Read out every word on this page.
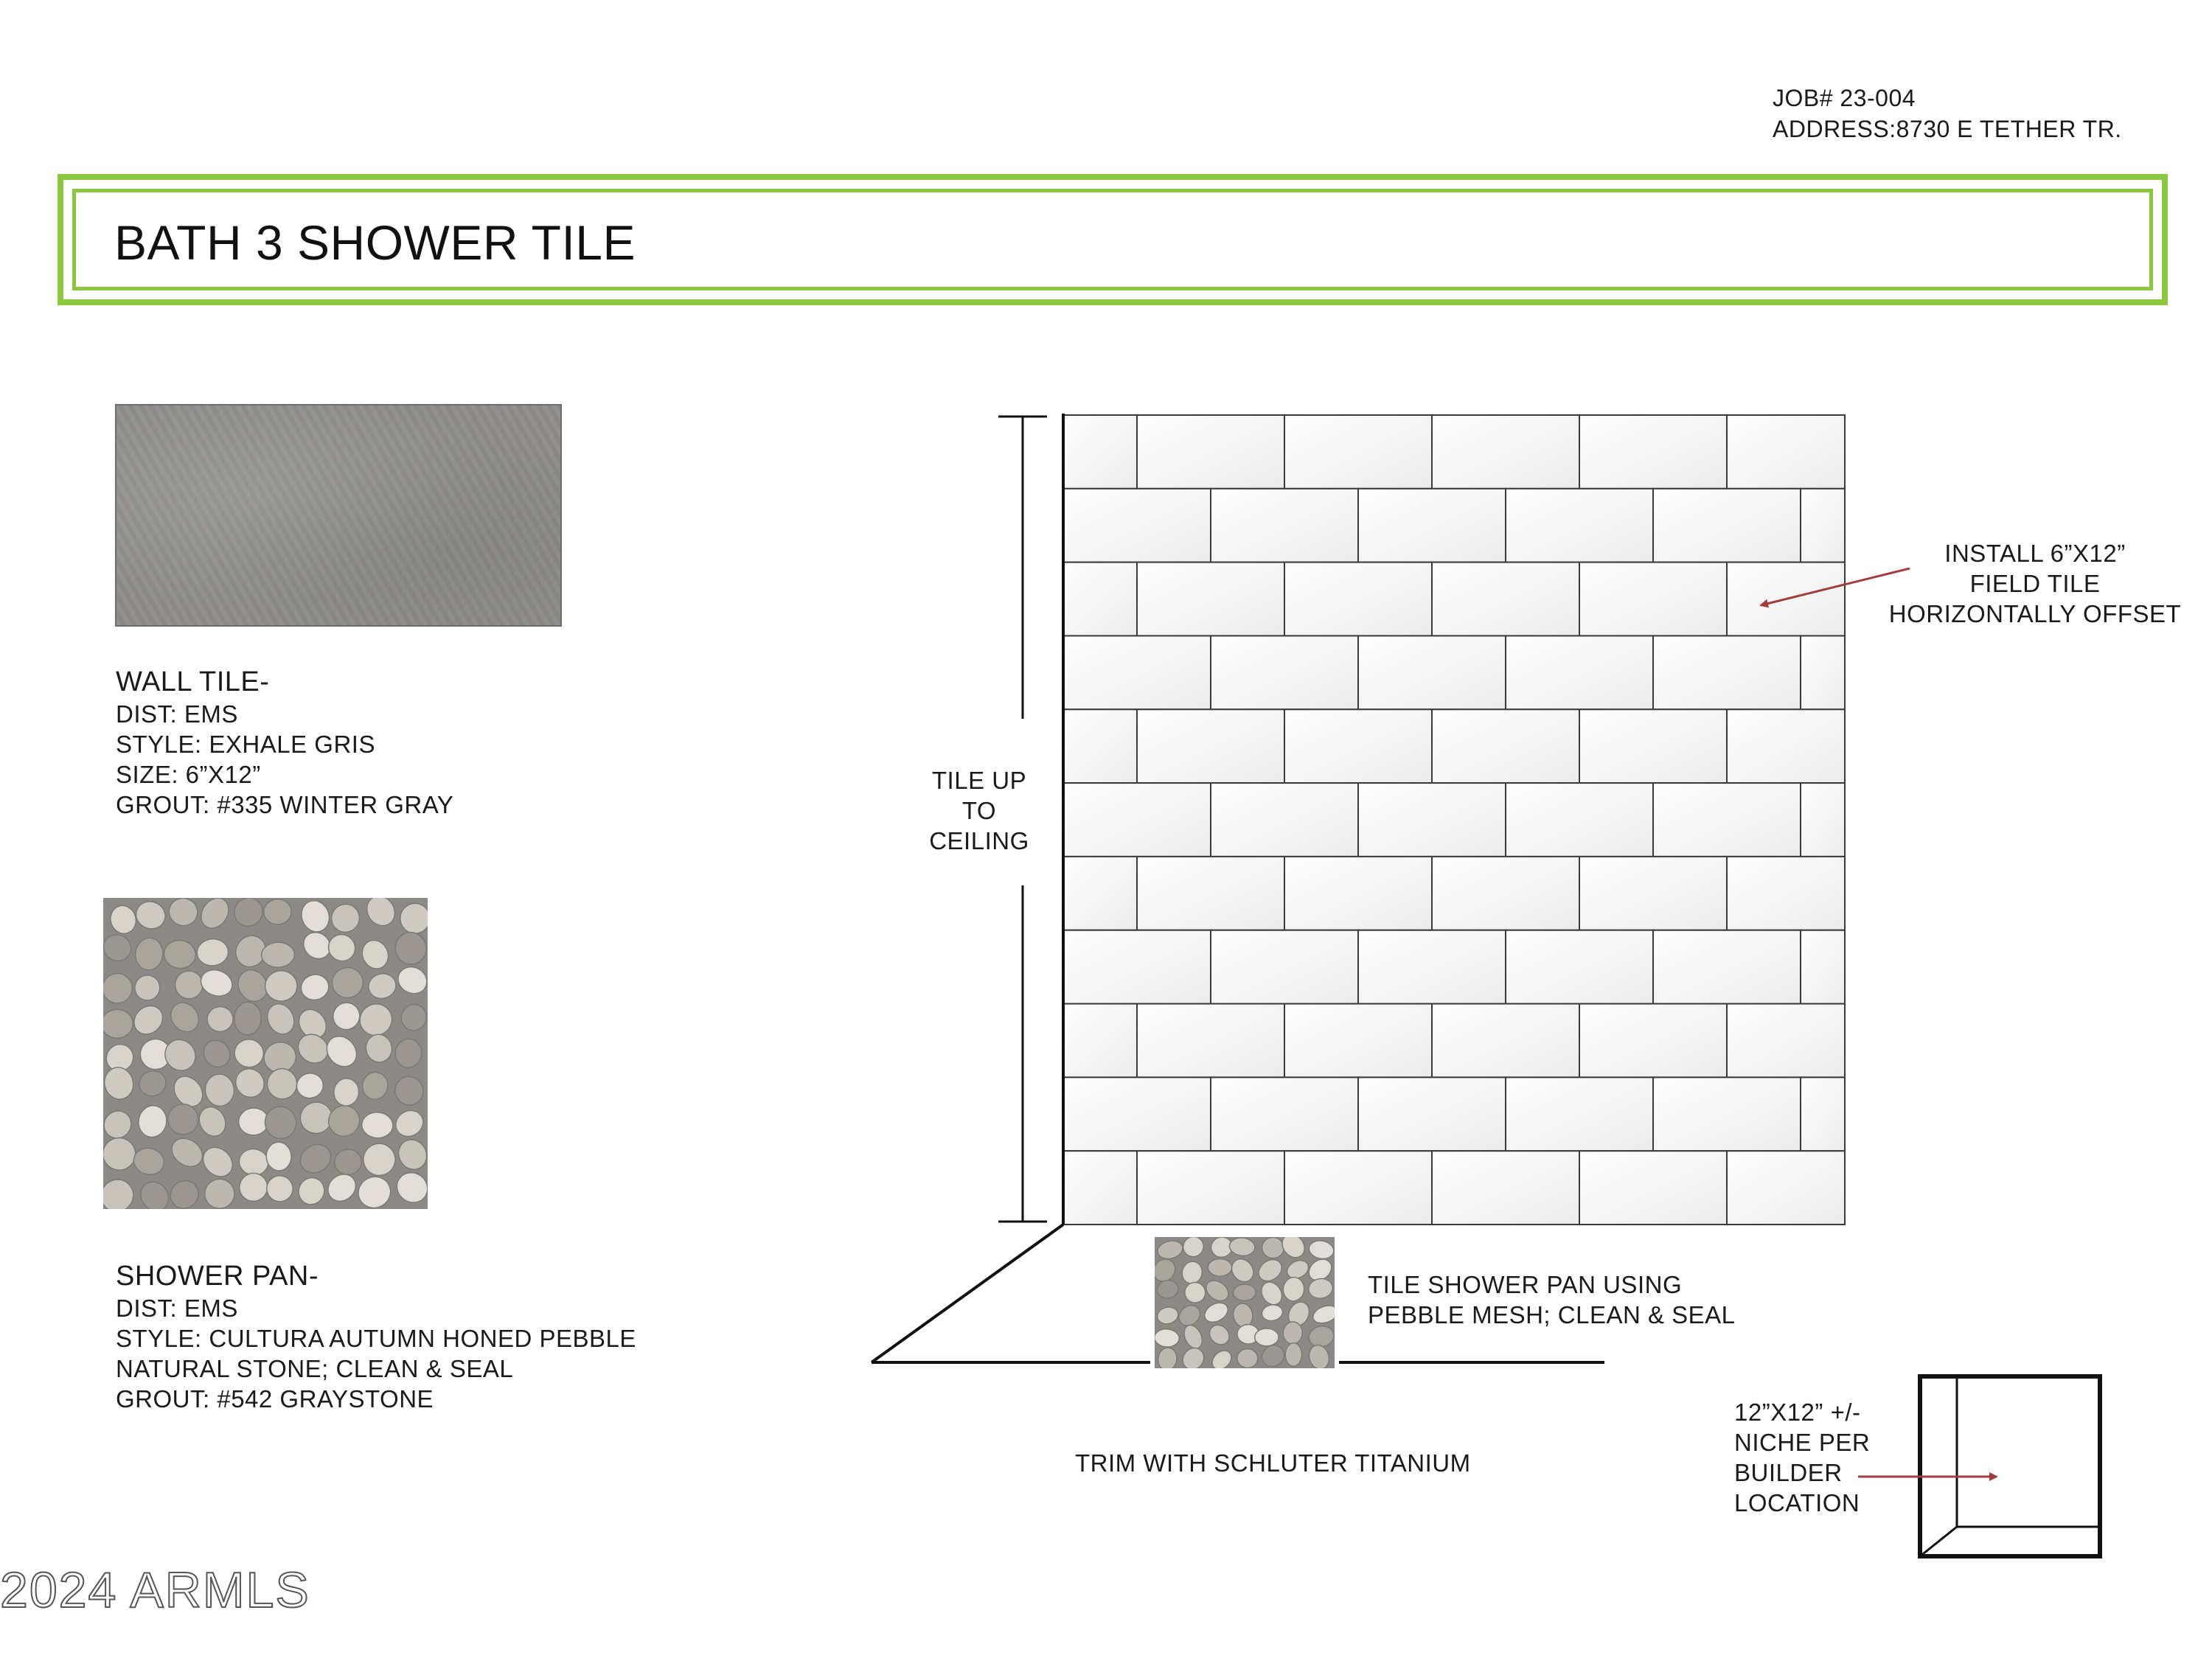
JOB# 23-004
ADDRESS:8730 E TETHER TR.
BATH 3 SHOWER TILE
WALL TILE-
DIST: EMS
STYLE: EXHALE GRIS
SIZE: 6”X12”
GROUT: #335 WINTER GRAY
SHOWER PAN-
DIST: EMS
STYLE: CULTURA AUTUMN HONED PEBBLE
NATURAL STONE; CLEAN & SEAL
GROUT: #542 GRAYSTONE
TILE UP
TO
CEILING
INSTALL 6”X12”
FIELD TILE
HORIZONTALLY OFFSET
TILE SHOWER PAN USING
PEBBLE MESH; CLEAN & SEAL
TRIM WITH SCHLUTER TITANIUM
12”X12” +/-
NICHE PER
BUILDER
LOCATION
2024 ARMLS
